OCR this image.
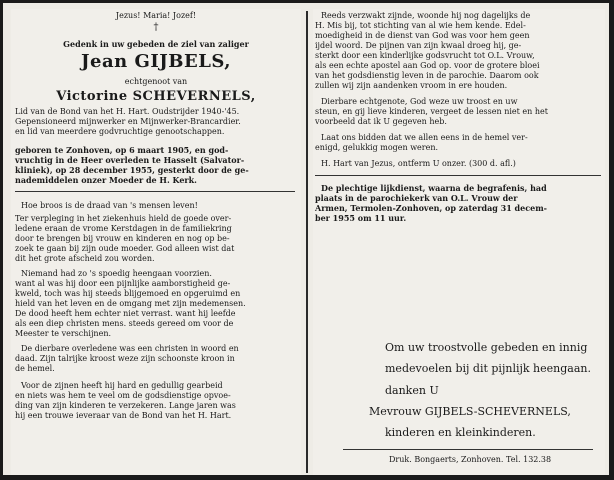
Jezus! Maria! Jozef!
†
Gedenk in uw gebeden de ziel van zaliger
Jean GIJBELS,
echtgenoot van
Victorine SCHEVERNELS,
Lid van de Bond van het H. Hart. Oudstrijder 1940-'45.
Gepensioneerd mijnwerker en Mijnwerker-Brancardier.
en lid van meerdere godvruchtige genootschappen.
geboren te Zonhoven, op 6 maart 1905, en god-
vruchtig in de Heer overleden te Hasselt (Salvator-
kliniek), op 28 december 1955, gesterkt door de ge-
nademiddelen onzer Moeder de H. Kerk.
Hoe broos is de draad van 's mensen leven!
Ter verpleging in het ziekenhuis hield de goede over-
ledene eraan de vrome Kerstdagen in de familiekring
door te brengen bij vrouw en kinderen en nog op be-
zoek te gaan bij zijn oude moeder. God alleen wist dat
dit het grote afscheid zou worden.
Niemand had zo 's spoedig heengaan voorzien.
want al was hij door een pijnlijke aamborstigheid ge-
kweld, toch was hij steeds blijgemoed en opgeruimd en
hield van het leven en de omgang met zijn medemensen.
De dood heeft hem echter niet verrast. want hij leefde
als een diep christen mens. steeds gereed om voor de
Meester te verschijnen.
De dierbare overledene was een christen in woord en
daad. Zijn talrijke kroost weze zijn schoonste kroon in
de hemel.
Voor de zijnen heeft hij hard en gedullig gearbeid
en niets was hem te veel om de godsdienstige opvoe-
ding van zijn kinderen te verzekeren. Lange jaren was
hij een trouwe ieveraar van de Bond van het H. Hart.
Reeds verzwakt zijnde, woonde hij nog dagelijks de
H. Mis bij, tot stichting van al wie hem kende. Edel-
moedigheid in de dienst van God was voor hem geen
ijdel woord. De pijnen van zijn kwaal droeg hij, ge-
sterkt door een kinderlijke godsvrucht tot O.L. Vrouw,
als een echte apostel aan God op. voor de grotere bloei
van het godsdienstig leven in de parochie. Daarom ook
zullen wij zijn aandenken vroom in ere houden.
Dierbare echtgenote, God weze uw troost en uw
steun, en gij lieve kinderen, vergeet de lessen niet en het
voorbeeld dat ik U gegeven heb.
Laat ons bidden dat we allen eens in de hemel ver-
enigd, gelukkig mogen weren.
H. Hart van Jezus, ontferm U onzer. (300 d. afl.)
De plechtige lijkdienst, waarna de begrafenis, had
plaats in de parochiekerk van O.L. Vrouw der
Armen, Termolen-Zonhoven, op zaterdag 31 decem-
ber 1955 om 11 uur.
Om uw troostvolle gebeden en innig
medevoelen bij dit pijnlijk heengaan.
danken U
Mevrouw GIJBELS-SCHEVERNELS,
kinderen en kleinkinderen.
Druk. Bongaerts, Zonhoven. Tel. 132.38
